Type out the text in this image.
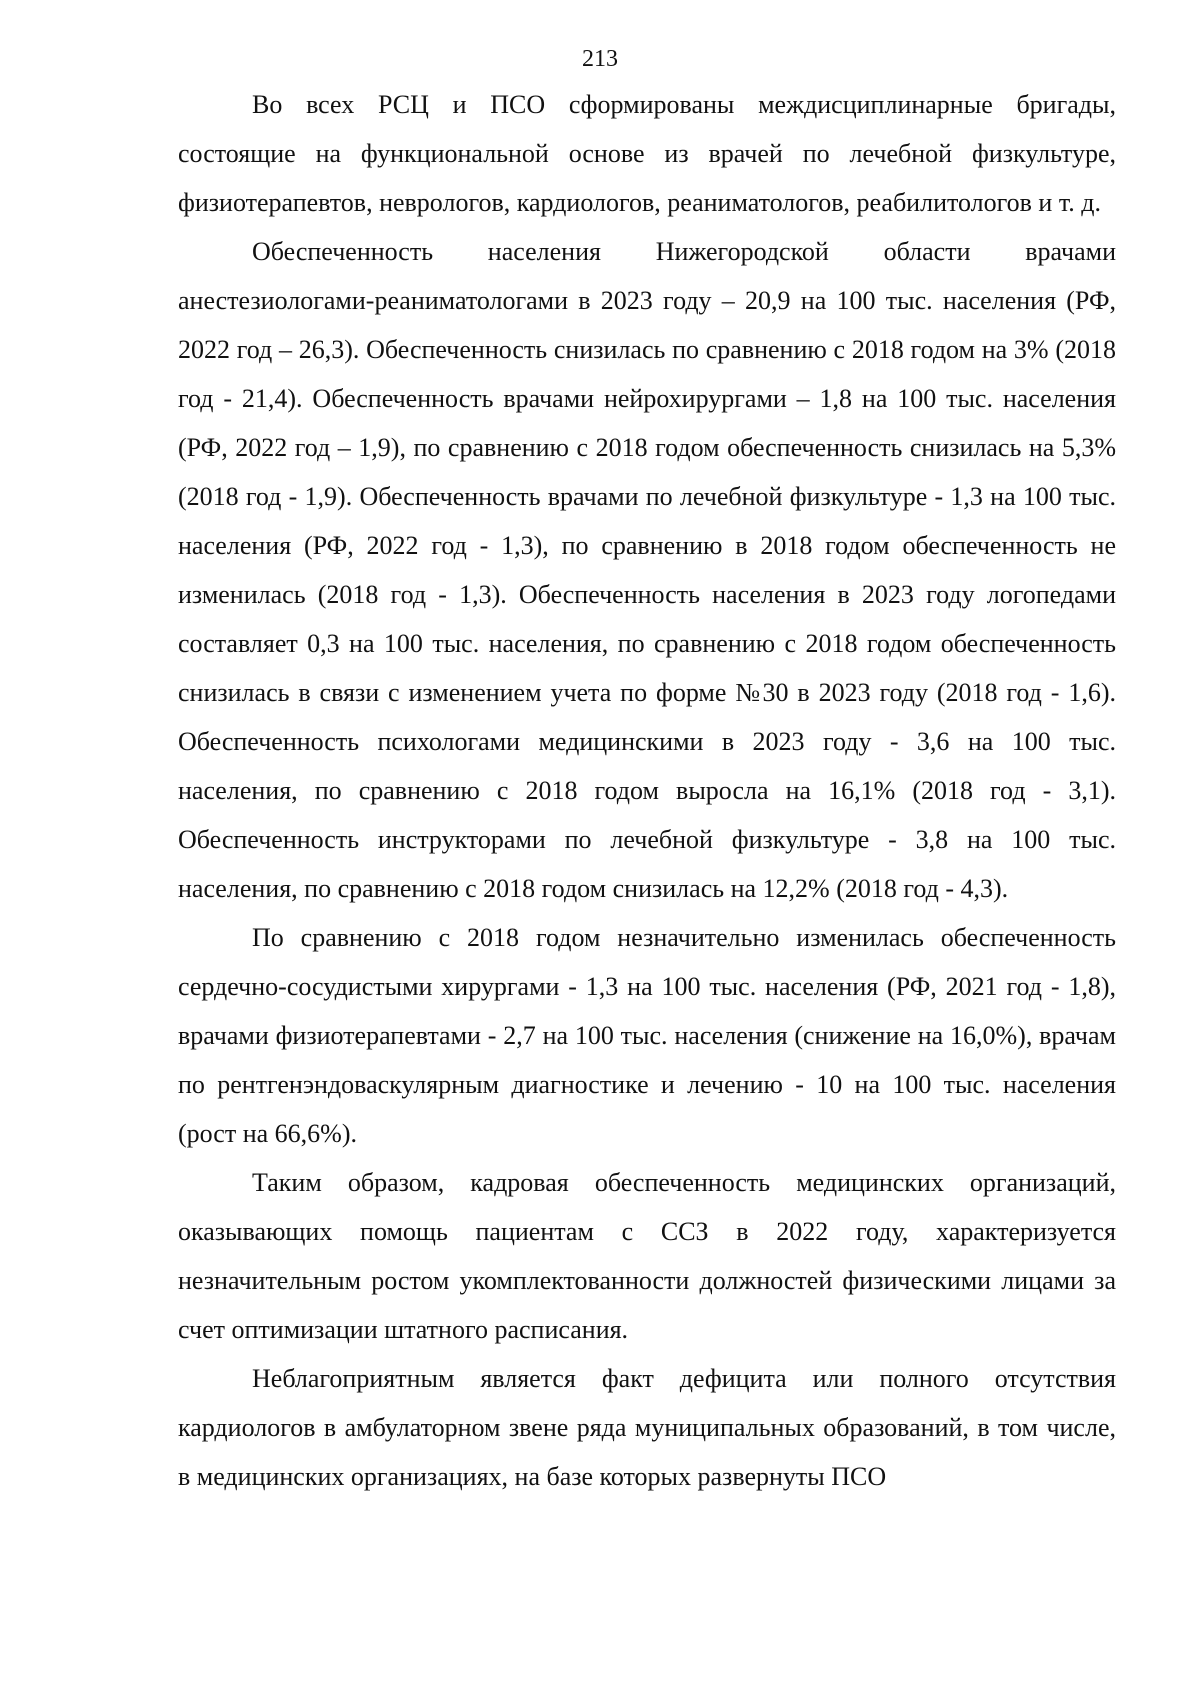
213

Во всех РСЦ и ПСО сформированы междисциплинарные бригады, состоящие на функциональной основе из врачей по лечебной физкультуре, физиотерапевтов, неврологов, кардиологов, реаниматологов, реабилитологов и т. д.

Обеспеченность населения Нижегородской области врачами анестезиологами-реаниматологами в 2023 году – 20,9 на 100 тыс. населения (РФ, 2022 год – 26,3). Обеспеченность снизилась по сравнению с 2018 годом на 3% (2018 год - 21,4). Обеспеченность врачами нейрохирургами – 1,8 на 100 тыс. населения (РФ, 2022 год – 1,9), по сравнению с 2018 годом обеспеченность снизилась на 5,3% (2018 год - 1,9). Обеспеченность врачами по лечебной физкультуре - 1,3 на 100 тыс. населения (РФ, 2022 год - 1,3), по сравнению в 2018 годом обеспеченность не изменилась (2018 год - 1,3). Обеспеченность населения в 2023 году логопедами составляет 0,3 на 100 тыс. населения, по сравнению с 2018 годом обеспеченность снизилась в связи с изменением учета по форме №30 в 2023 году (2018 год - 1,6). Обеспеченность психологами медицинскими в 2023 году - 3,6 на 100 тыс. населения, по сравнению с 2018 годом выросла на 16,1% (2018 год - 3,1). Обеспеченность инструкторами по лечебной физкультуре - 3,8 на 100 тыс. населения, по сравнению с 2018 годом снизилась на 12,2% (2018 год - 4,3).

По сравнению с 2018 годом незначительно изменилась обеспеченность сердечно-сосудистыми хирургами - 1,3 на 100 тыс. населения (РФ, 2021 год - 1,8), врачами физиотерапевтами - 2,7 на 100 тыс. населения (снижение на 16,0%), врачам по рентгенэндоваскулярным диагностике и лечению - 10 на 100 тыс. населения (рост на 66,6%).

Таким образом, кадровая обеспеченность медицинских организаций, оказывающих помощь пациентам с ССЗ в 2022 году, характеризуется незначительным ростом укомплектованности должностей физическими лицами за счет оптимизации штатного расписания.

Неблагоприятным является факт дефицита или полного отсутствия кардиологов в амбулаторном звене ряда муниципальных образований, в том числе, в медицинских организациях, на базе которых развернуты ПСО
